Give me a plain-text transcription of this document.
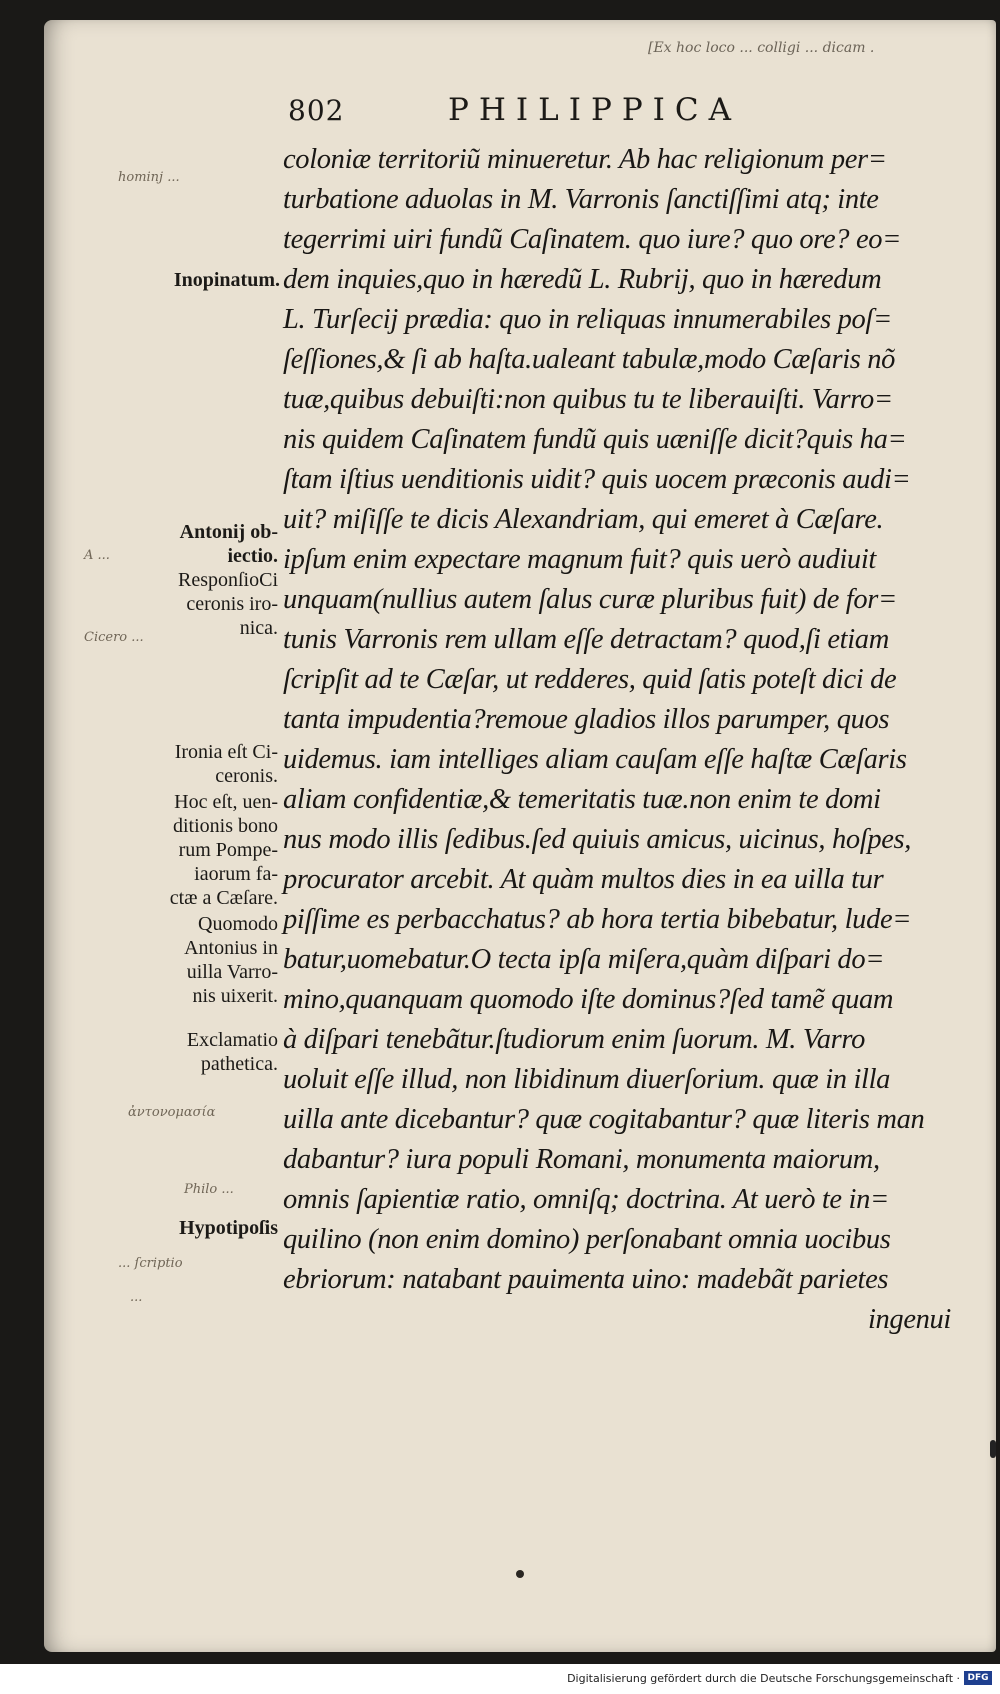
[Ex hoc loco ... colligi ... dicam .
802	PHILIPPICA
coloniæ territoriũ minueretur. Ab hac religionum per=
turbatione aduolas in M. Varronis ſanctiſſimi atq; inte
tegerrimi uiri fundũ Caſinatem. quo iure? quo ore? eo=
dem inquies,quo in hæredũ L. Rubrij, quo in hæredum
L. Turſecij prædia: quo in reliquas innumerabiles poſ=
ſeſſiones,& ſi ab haſta.ualeant tabulæ,modo Cæſaris nõ
tuæ,quibus debuiſti:non quibus tu te liberauiſti. Varro=
nis quidem Caſinatem fundũ quis uæniſſe dicit?quis ha=
ſtam iſtius uenditionis uidit? quis uocem præconis audi=
uit? miſiſſe te dicis Alexandriam, qui emeret à Cæſare.
ipſum enim expectare magnum fuit? quis uerò audiuit
unquam(nullius autem ſalus curæ pluribus fuit) de for=
tunis Varronis rem ullam eſſe detractam? quod,ſi etiam
ſcripſit ad te Cæſar, ut redderes, quid ſatis poteſt dici de
tanta impudentia?remoue gladios illos parumper, quos
uidemus. iam intelliges aliam cauſam eſſe haſtæ Cæſaris
aliam confidentiæ,& temeritatis tuæ.non enim te domi
nus modo illis ſedibus.ſed quiuis amicus, uicinus, hoſpes,
procurator arcebit. At quàm multos dies in ea uilla tur
piſſime es perbacchatus? ab hora tertia bibebatur, lude=
batur,uomebatur.O tecta ipſa miſera,quàm diſpari do=
mino,quanquam quomodo iſte dominus?ſed tamẽ quam
à diſpari tenebãtur.ſtudiorum enim ſuorum. M. Varro
uoluit eſſe illud, non libidinum diuerſorium. quæ in illa
uilla ante dicebantur? quæ cogitabantur? quæ literis man
dabantur? iura populi Romani, monumenta maiorum,
omnis ſapientiæ ratio, omniſq; doctrina. At uerò te in=
quilino (non enim domino) perſonabant omnia uocibus
ebriorum: natabant pauimenta uino: madebãt parietes
ingenui
Inopinatum.
Antonij ob-
iectio.
ResponſioCi
ceronis iro-
nica.
Ironia eſt Ci-
ceronis.
Hoc eſt, uen-
ditionis bono
rum Pompe-
iaorum fa-
ctæ a Cæſare.
Quomodo
Antonius in
uilla Varro-
nis uixerit.
Exclamatio
pathetica.
Hypotipoſis
hominj ...
A ...
Cicero ...
ἀντονομασία
Philo ...
... ſcriptio
...
Digitalisierung gefördert durch die Deutsche Forschungsgemeinschaft · DFG
